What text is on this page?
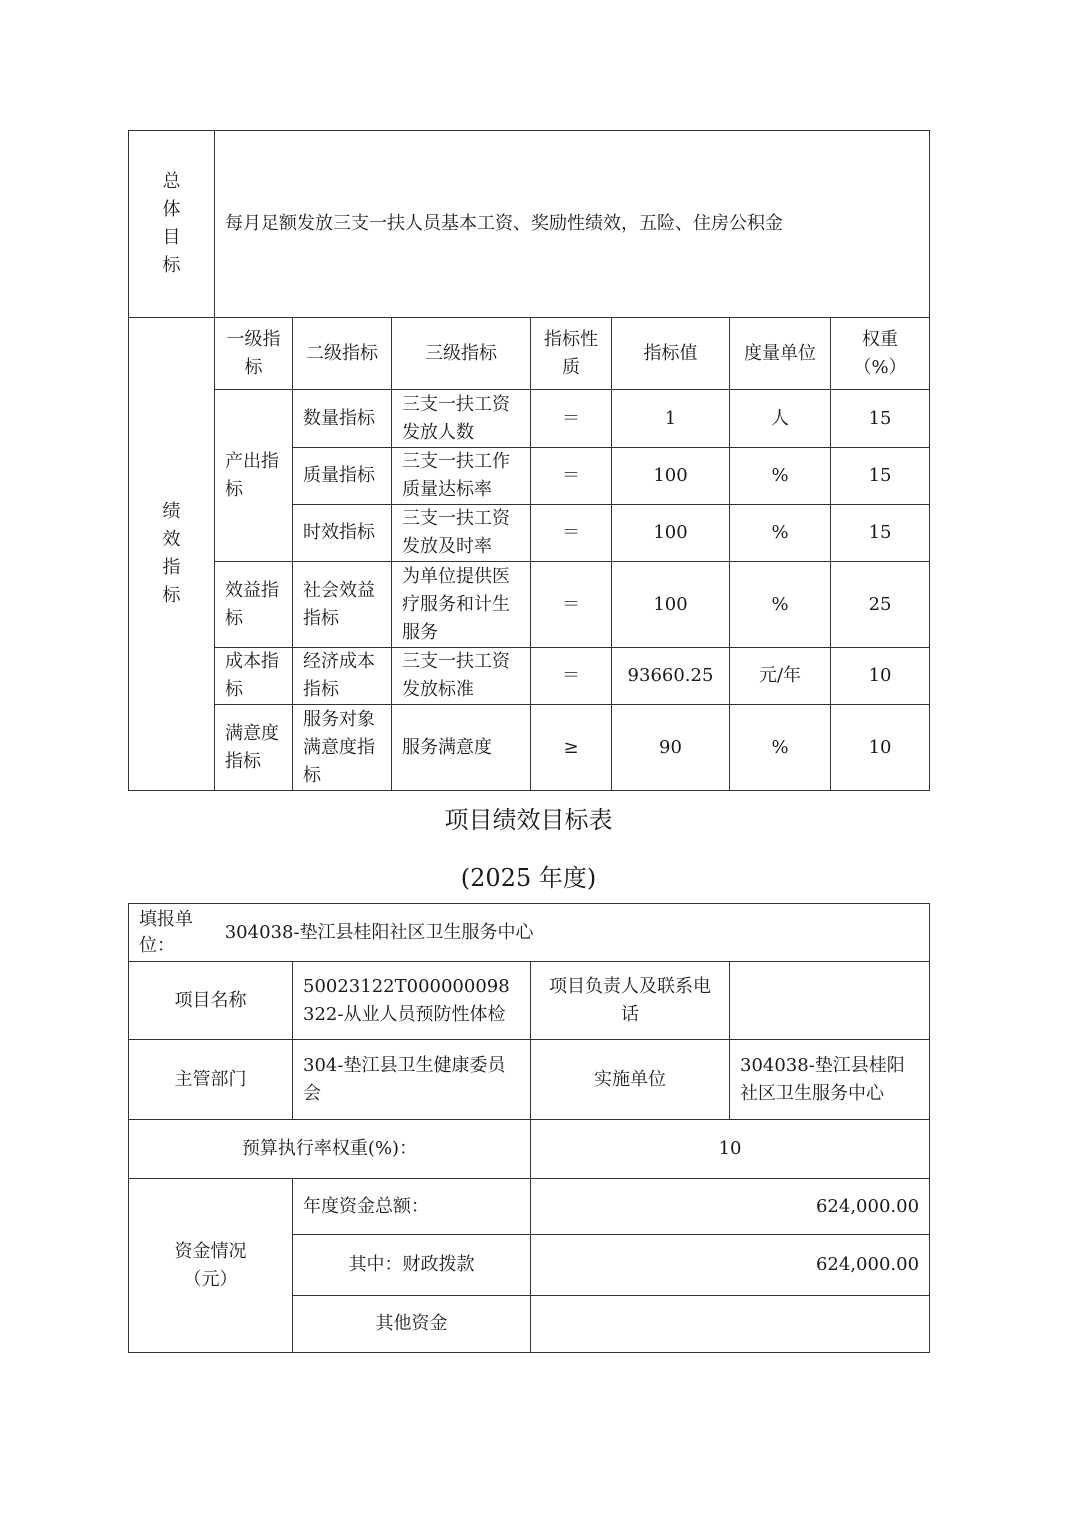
总
体
目
标	每月足额发放三支一扶人员基本工资、奖励性绩效，五险、住房公积金						
绩
效
指
标	一级指标	二级指标	三级指标	指标性质	指标值	度量单位	权重（%）
	产出指标	数量指标	三支一扶工资发放人数	＝	1	人	15
		质量指标	三支一扶工作质量达标率	＝	100	%	15
		时效指标	三支一扶工资发放及时率	＝	100	%	15
	效益指标	社会效益指标	为单位提供医疗服务和计生服务	＝	100	%	25
	成本指标	经济成本指标	三支一扶工资发放标准	＝	93660.25	元/年	10
	满意度指标	服务对象满意度指标	服务满意度	≥	90	%	10
项目绩效目标表
(2025 年度)
填报单位： 304038-垫江县桂阳社区卫生服务中心			
项目名称	50023122T000000098322-从业人员预防性体检	项目负责人及联系电话	
主管部门	304-垫江县卫生健康委员会	实施单位	304038-垫江县桂阳社区卫生服务中心
预算执行率权重(%)：		10	
资金情况（元）	年度资金总额：	624,000.00	
	其中：财政拨款	624,000.00	
	其他资金		
